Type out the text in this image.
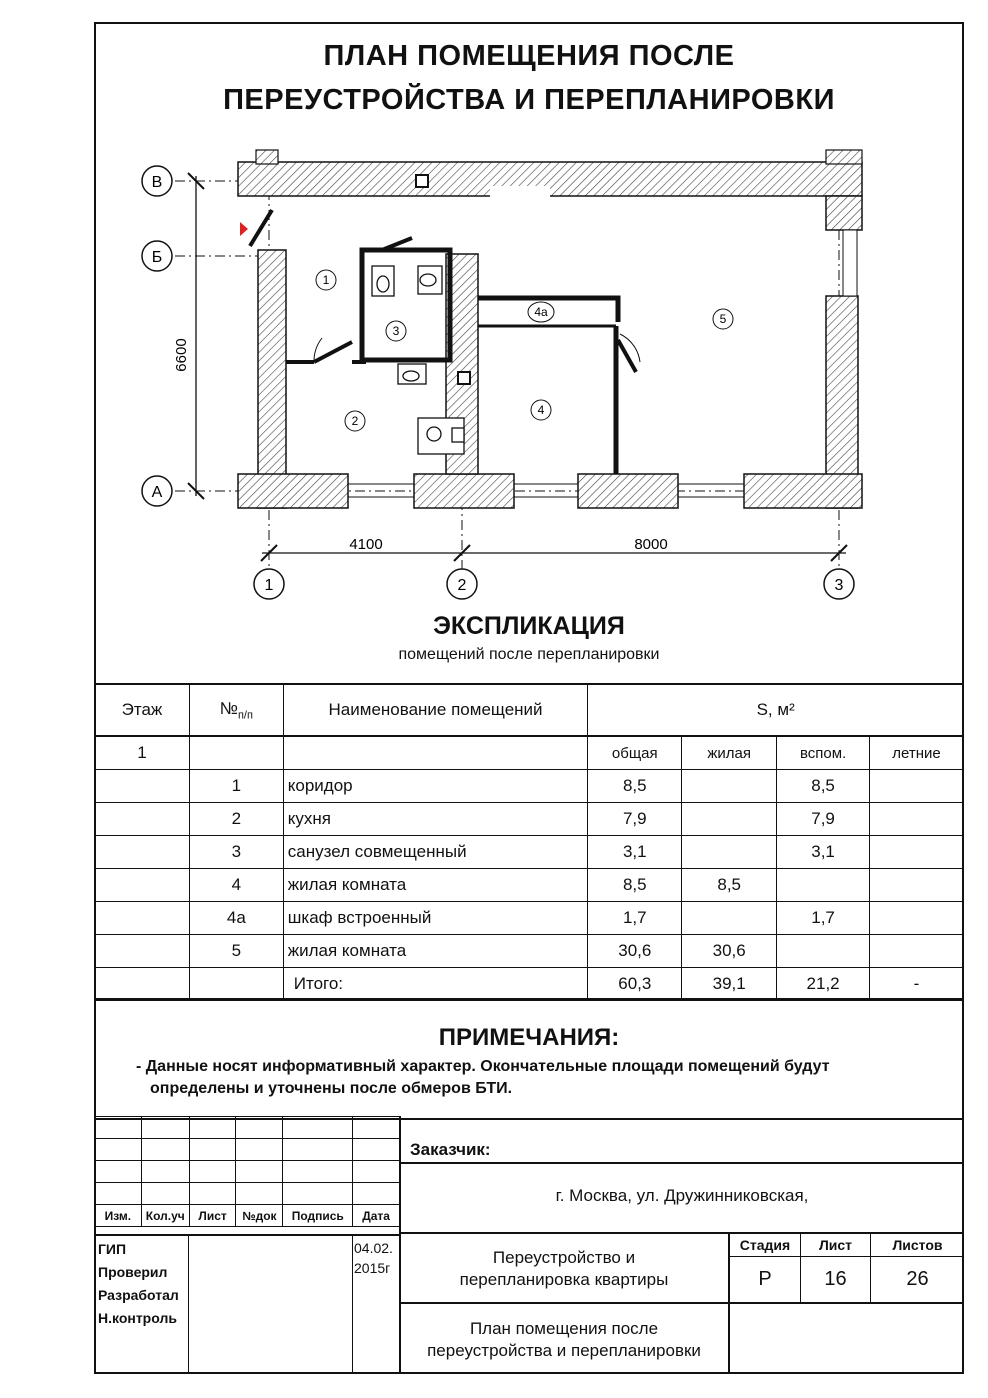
ПЛАН ПОМЕЩЕНИЯ ПОСЛЕ
ПЕРЕУСТРОЙСТВА И ПЕРЕПЛАНИРОВКИ
6600
4100	8000
1
2
3
4
4а	5
В
Б
А
1	2	3
ЭКСПЛИКАЦИЯ
помещений после перепланировки
Этаж	$№_{п/п}$	Наименование помещений	S, м²			
1			общая	жилая	вспом.	летние
	1	коридор	8,5		8,5	
	2	кухня	7,9		7,9	
	3	санузел совмещенный	3,1		3,1	
	4	жилая комната	8,5	8,5		
	4а	шкаф встроенный	1,7		1,7	
	5	жилая комната	30,6	30,6		
		Итого:	60,3	39,1	21,2	-
ПРИМЕЧАНИЯ:
- Данные носят информативный характер. Окончательные площади помещений будут
определены и уточнены после обмеров БТИ.

Изм.	Кол.уч	Лист	№док	Подпись	Дата
ГИП
Проверил
Разработал
Н.контроль
04.02.
2015г
Заказчик:
г. Москва, ул. Дружинниковская,
Переустройство и
перепланировка квартиры
Стадия	Лист	Листов
Р	16	26
План помещения после
переустройства и перепланировки
